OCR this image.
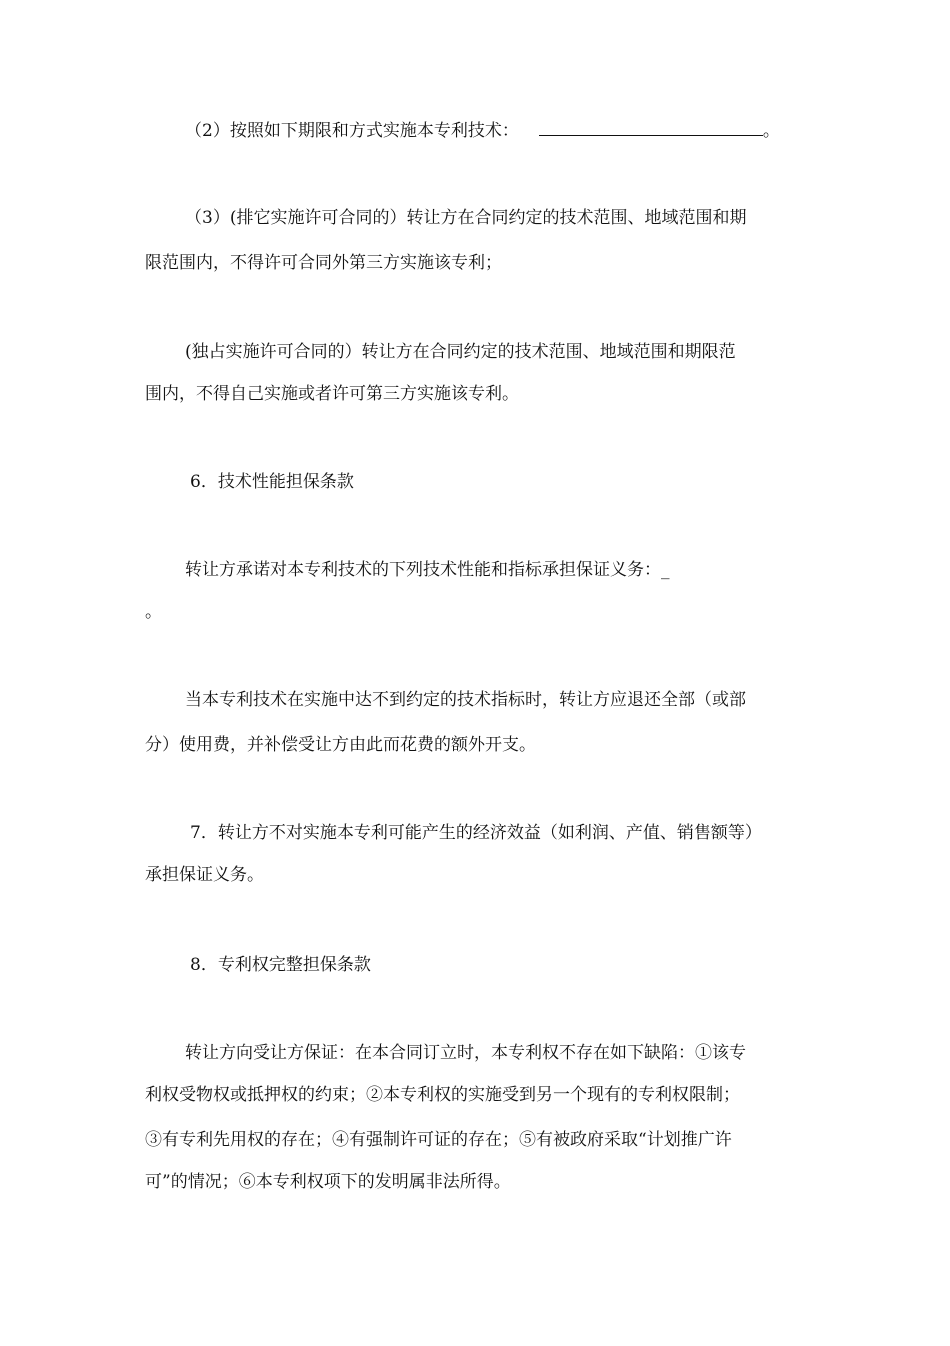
（2）按照如下期限和方式实施本专利技术：	。
（3）(排它实施许可合同的）转让方在合同约定的技术范围、地域范围和期
限范围内，不得许可合同外第三方实施该专利；
(独占实施许可合同的）转让方在合同约定的技术范围、地域范围和期限范
围内，不得自己实施或者许可第三方实施该专利。
6．技术性能担保条款
转让方承诺对本专利技术的下列技术性能和指标承担保证义务：_
。
当本专利技术在实施中达不到约定的技术指标时，转让方应退还全部（或部
分）使用费，并补偿受让方由此而花费的额外开支。
7．转让方不对实施本专利可能产生的经济效益（如利润、产值、销售额等）
承担保证义务。
8．专利权完整担保条款
转让方向受让方保证：在本合同订立时，本专利权不存在如下缺陷：①该专
利权受物权或抵押权的约束；②本专利权的实施受到另一个现有的专利权限制；
③有专利先用权的存在；④有强制许可证的存在；⑤有被政府采取“计划推广许
可”的情况；⑥本专利权项下的发明属非法所得。
